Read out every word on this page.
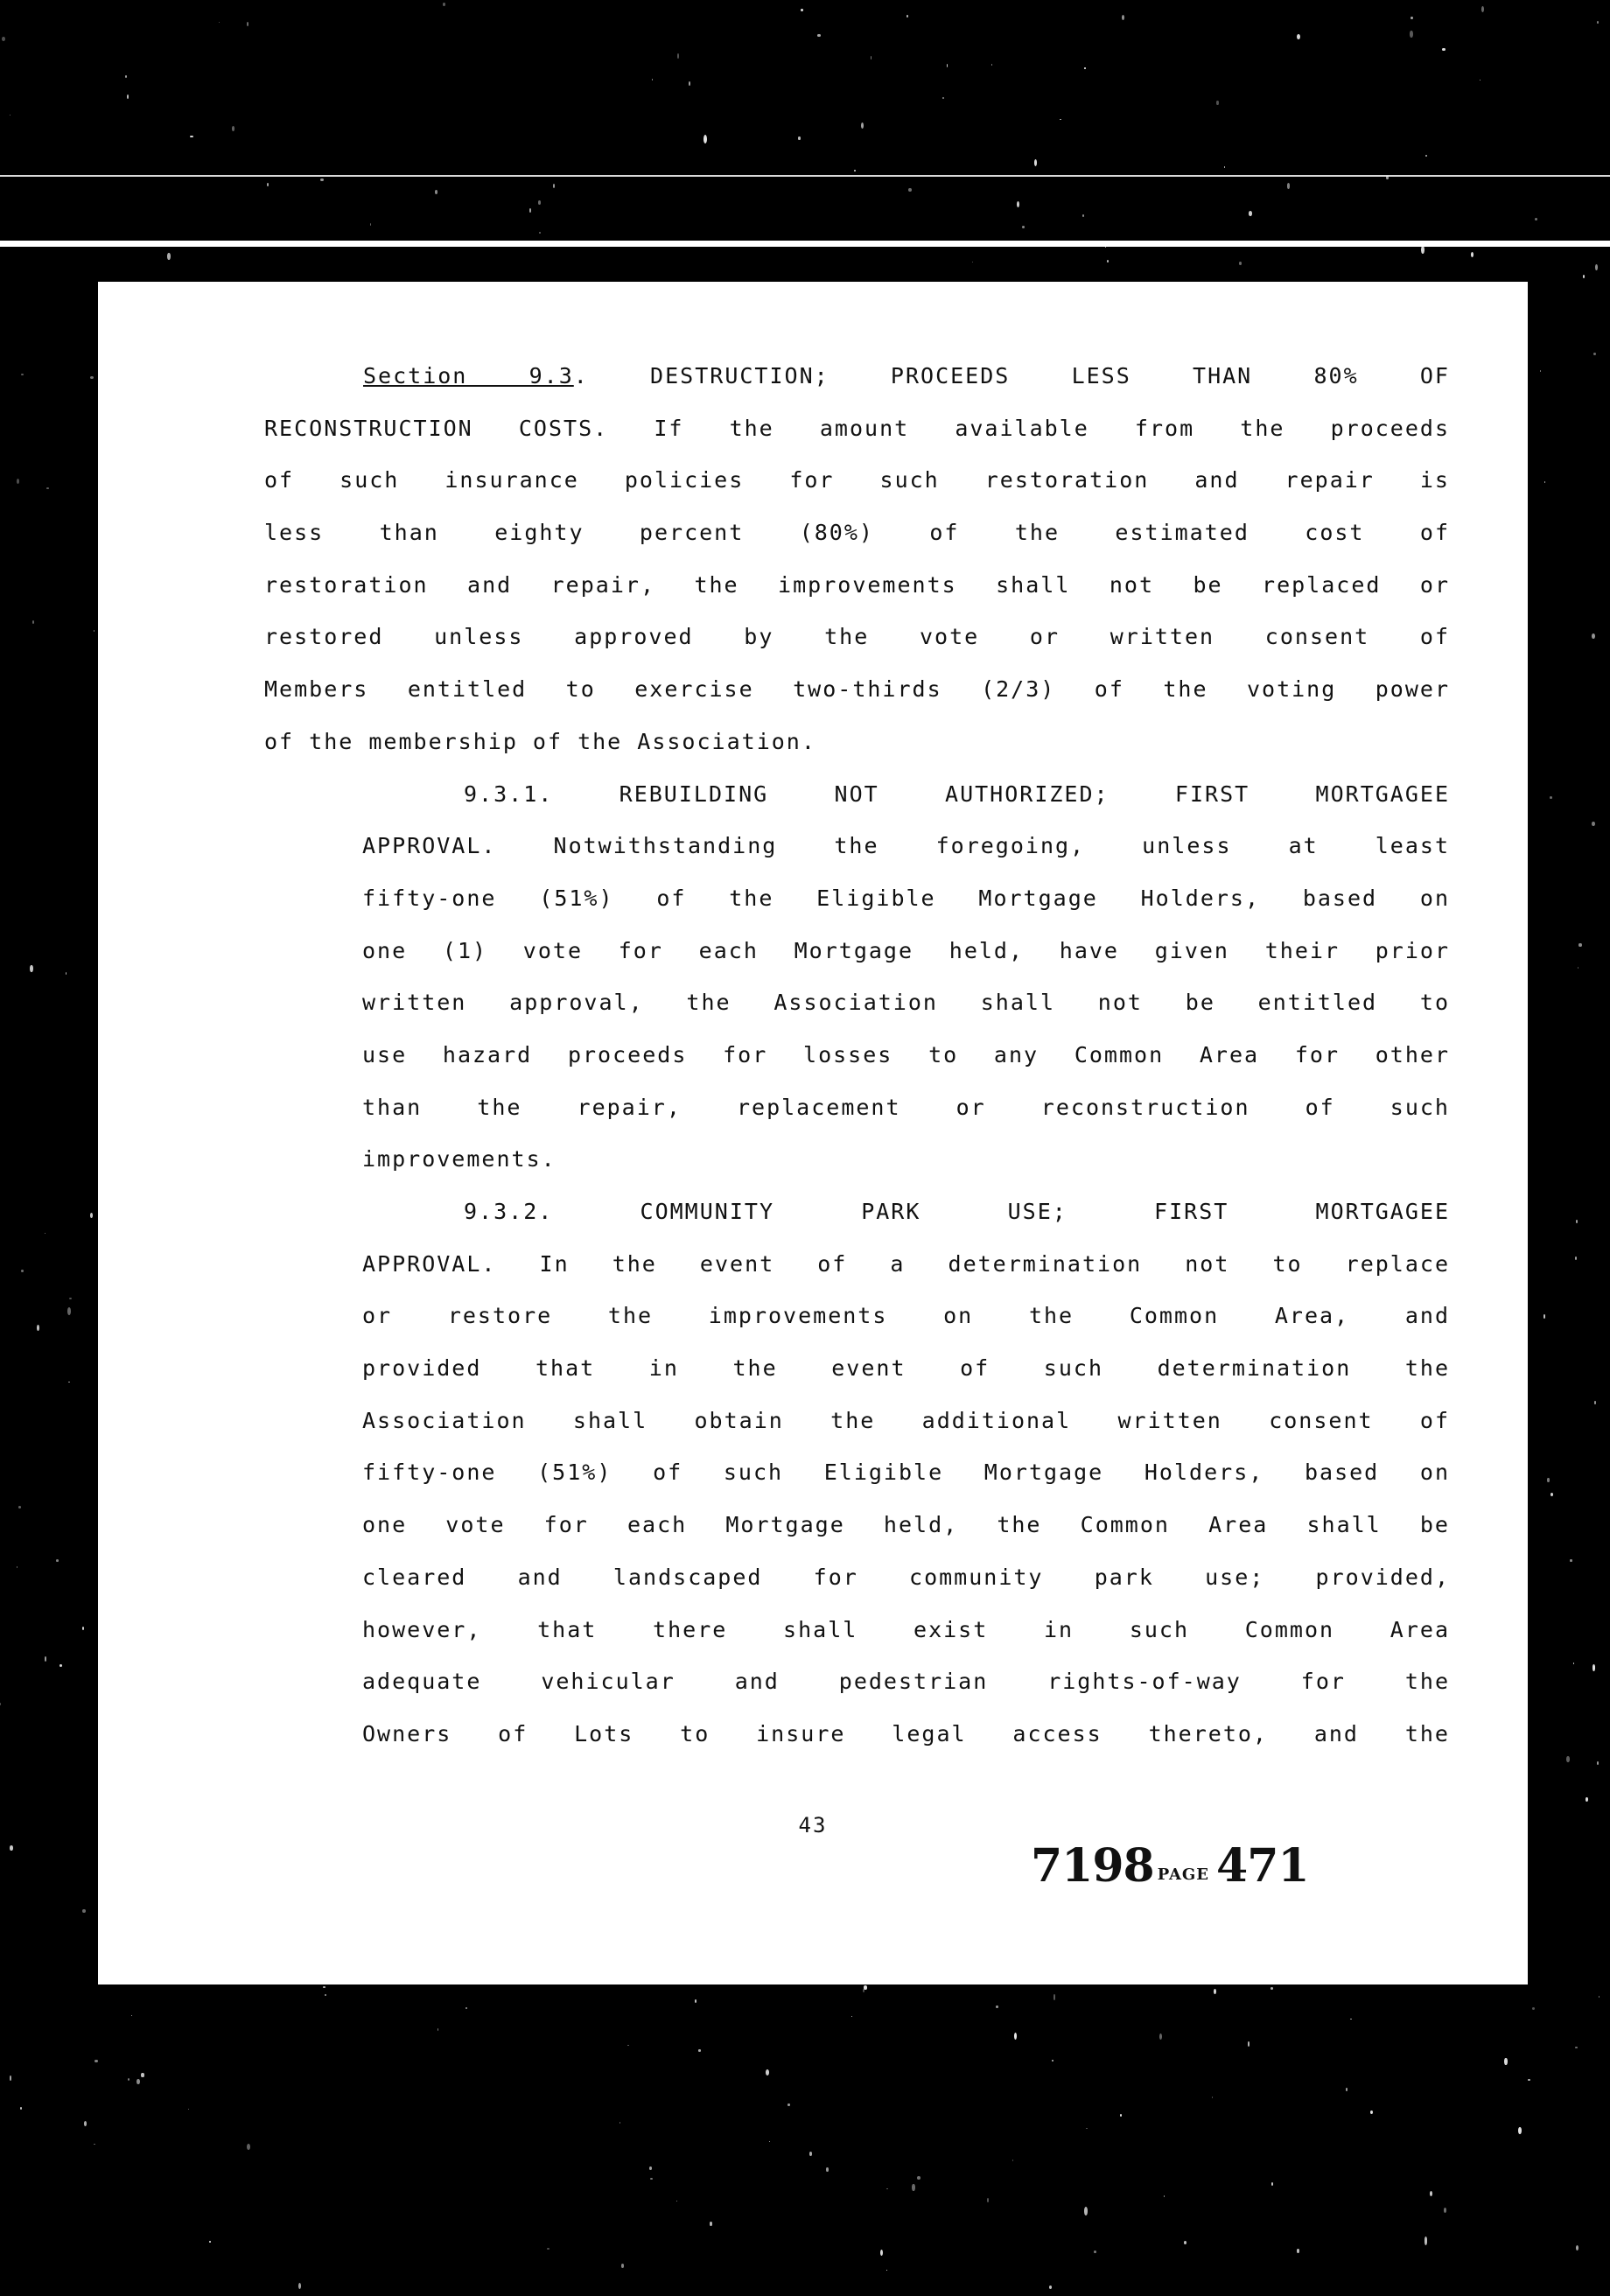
Section 9.3. DESTRUCTION; PROCEEDS LESS THAN 80% OF
RECONSTRUCTION COSTS. If the amount available from the proceeds
of such insurance policies for such restoration and repair is
less than eighty percent (80%) of the estimated cost of
restoration and repair, the improvements shall not be replaced or
restored unless approved by the vote or written consent of
Members entitled to exercise two-thirds (2/3) of the voting power
of the membership of the Association.
9.3.1. REBUILDING NOT AUTHORIZED; FIRST MORTGAGEE
APPROVAL. Notwithstanding the foregoing, unless at least
fifty-one (51%) of the Eligible Mortgage Holders, based on
one (1) vote for each Mortgage held, have given their prior
written approval, the Association shall not be entitled to
use hazard proceeds for losses to any Common Area for other
than the repair, replacement or reconstruction of such
improvements.
9.3.2. COMMUNITY PARK USE; FIRST MORTGAGEE
APPROVAL. In the event of a determination not to replace
or restore the improvements on the Common Area, and
provided that in the event of such determination the
Association shall obtain the additional written consent of
fifty-one (51%) of such Eligible Mortgage Holders, based on
one vote for each Mortgage held, the Common Area shall be
cleared and landscaped for community park use; provided,
however, that there shall exist in such Common Area
adequate vehicular and pedestrian rights-of-way for the
Owners of Lots to insure legal access thereto, and the
43
7198 PAGE 471
